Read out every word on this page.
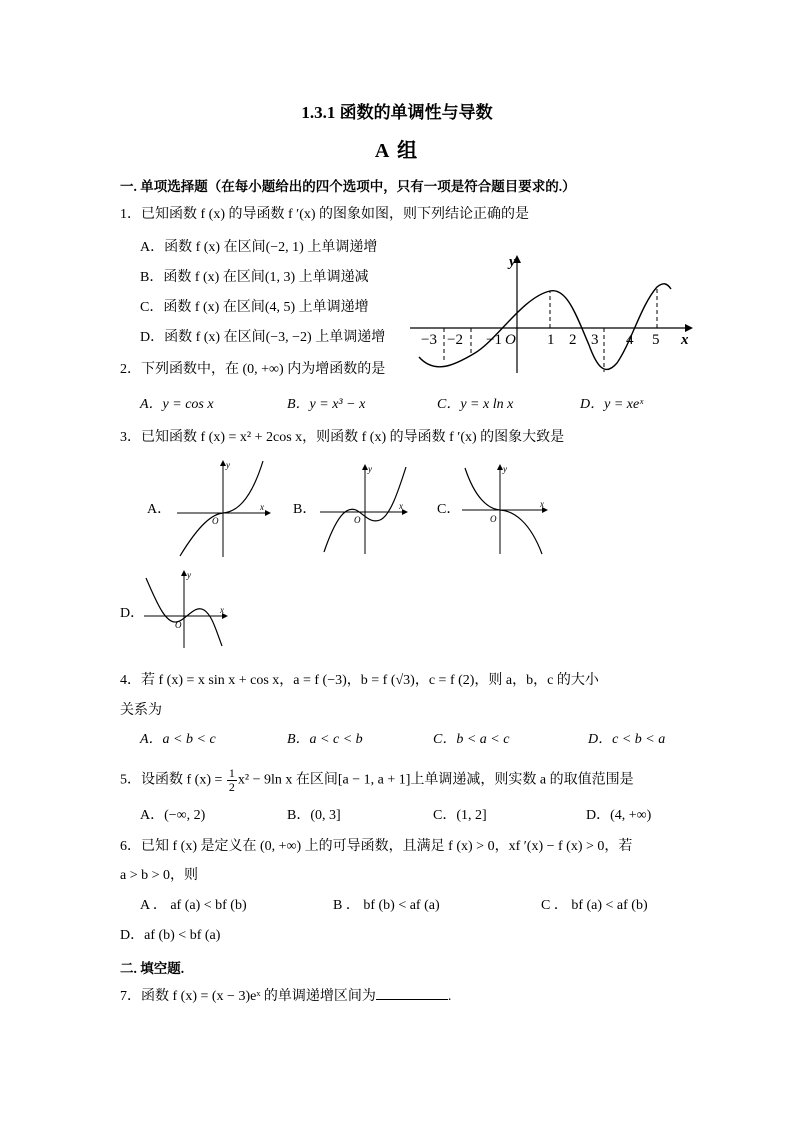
1.3.1 函数的单调性与导数
A 组
一. 单项选择题（在每小题给出的四个选项中，只有一项是符合题目要求的.）
1．已知函数 f (x) 的导函数 f ′(x) 的图象如图，则下列结论正确的是
A．函数 f (x) 在区间(−2, 1) 上单调递增
B．函数 f (x) 在区间(1, 3) 上单调递减
C．函数 f (x) 在区间(4, 5) 上单调递增
D．函数 f (x) 在区间(−3, −2) 上单调递增
y
x
O
−3 −2 −1	1 2 3 4 5
2．下列函数中，在 (0, +∞) 内为增函数的是
A．y = cos x	B．y = x³ − x	C．y = x ln x	D．y = xeˣ
3．已知函数 f (x) = x² + 2cos x，则函数 f (x) 的导函数 f ′(x) 的图象大致是
A．
y
x
O
B．
y
x
O
C．
y
x
O
D．
y
x
O
4．若 f (x) = x sin x + cos x，a = f (−3)，b = f (√3)，c = f (2)，则 a，b，c 的大小
关系为
A．a < b < c	B．a < c < b	C．b < a < c	D．c < b < a
5．设函数 f $(x) = \frac{1}{2} x^2 - 9\ln$ x 在区间[a − 1, a + 1]上单调递减，则实数 a 的取值范围是
A．(−∞, 2)	B．(0, 3]	C．(1, 2]	D．(4, +∞)
6．已知 f (x) 是定义在 (0, +∞) 上的可导函数，且满足 f (x) > 0，xf ′(x) − f (x) > 0，若
a > b > 0，则
A ． af (a) < bf (b)	B ． bf (b) < af (a)	C ． bf (a) < af (b)
D．af (b) < bf (a)
二. 填空题.
7．函数 f (x) = (x − 3)eˣ 的单调递增区间为	.
